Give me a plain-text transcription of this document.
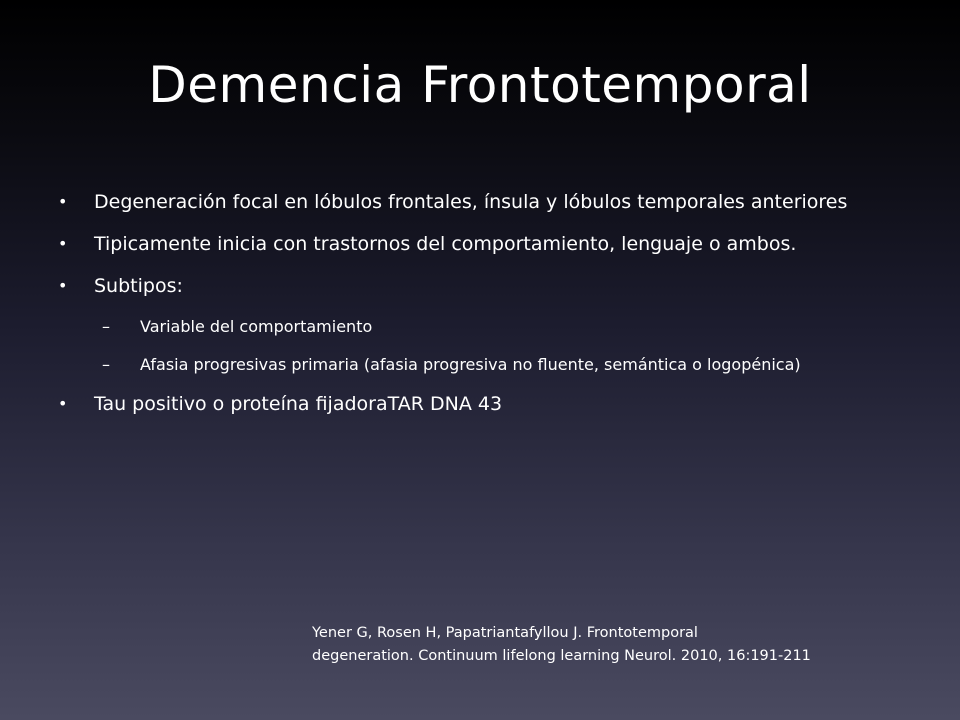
Demencia Frontotemporal
• Degeneración focal en lóbulos frontales, ínsula y lóbulos temporales anteriores
• Tipicamente inicia con trastornos del comportamiento, lenguaje o ambos.
• Subtipos:
– Variable del comportamiento
– Afasia progresivas primaria (afasia progresiva no fluente, semántica o logopénica)
• Tau positivo o proteína fijadoraTAR DNA 43
Yener G, Rosen H, Papatriantafyllou J. Frontotemporal
degeneration. Continuum lifelong learning Neurol. 2010, 16:191-211
